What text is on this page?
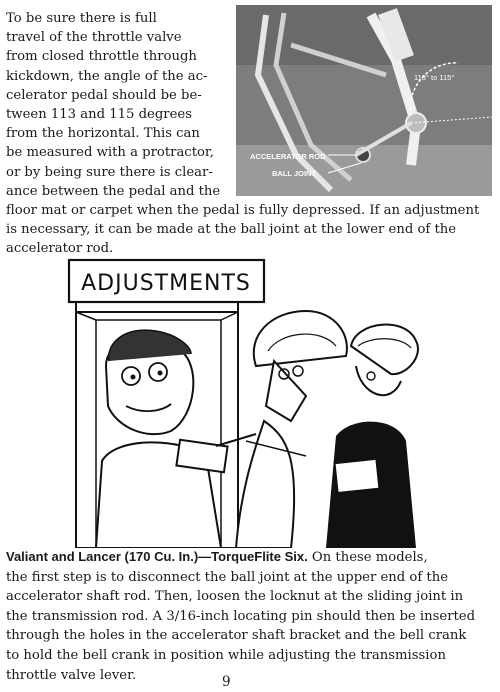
To be sure there is full
travel of the throttle valve
from closed throttle through
kickdown, the angle of the ac-
celerator pedal should be be-
tween 113 and 115 degrees
from the horizontal. This can
be measured with a protractor,
or by being sure there is clear-
ance between the pedal and the

113° to 115°
ACCELERATOR ROD
BALL JOINT

floor mat or carpet when the pedal is fully depressed. If an adjustment
is necessary, it can be made at the ball joint at the lower end of the
accelerator rod.

ADJUSTMENTS

Valiant and Lancer (170 Cu. In.)—TorqueFlite Six. On these models,
the first step is to disconnect the ball joint at the upper end of the
accelerator shaft rod. Then, loosen the locknut at the sliding joint in
the transmission rod. A 3/16-inch locating pin should then be inserted
through the holes in the accelerator shaft bracket and the bell crank
to hold the bell crank in position while adjusting the transmission
throttle valve lever.	9
